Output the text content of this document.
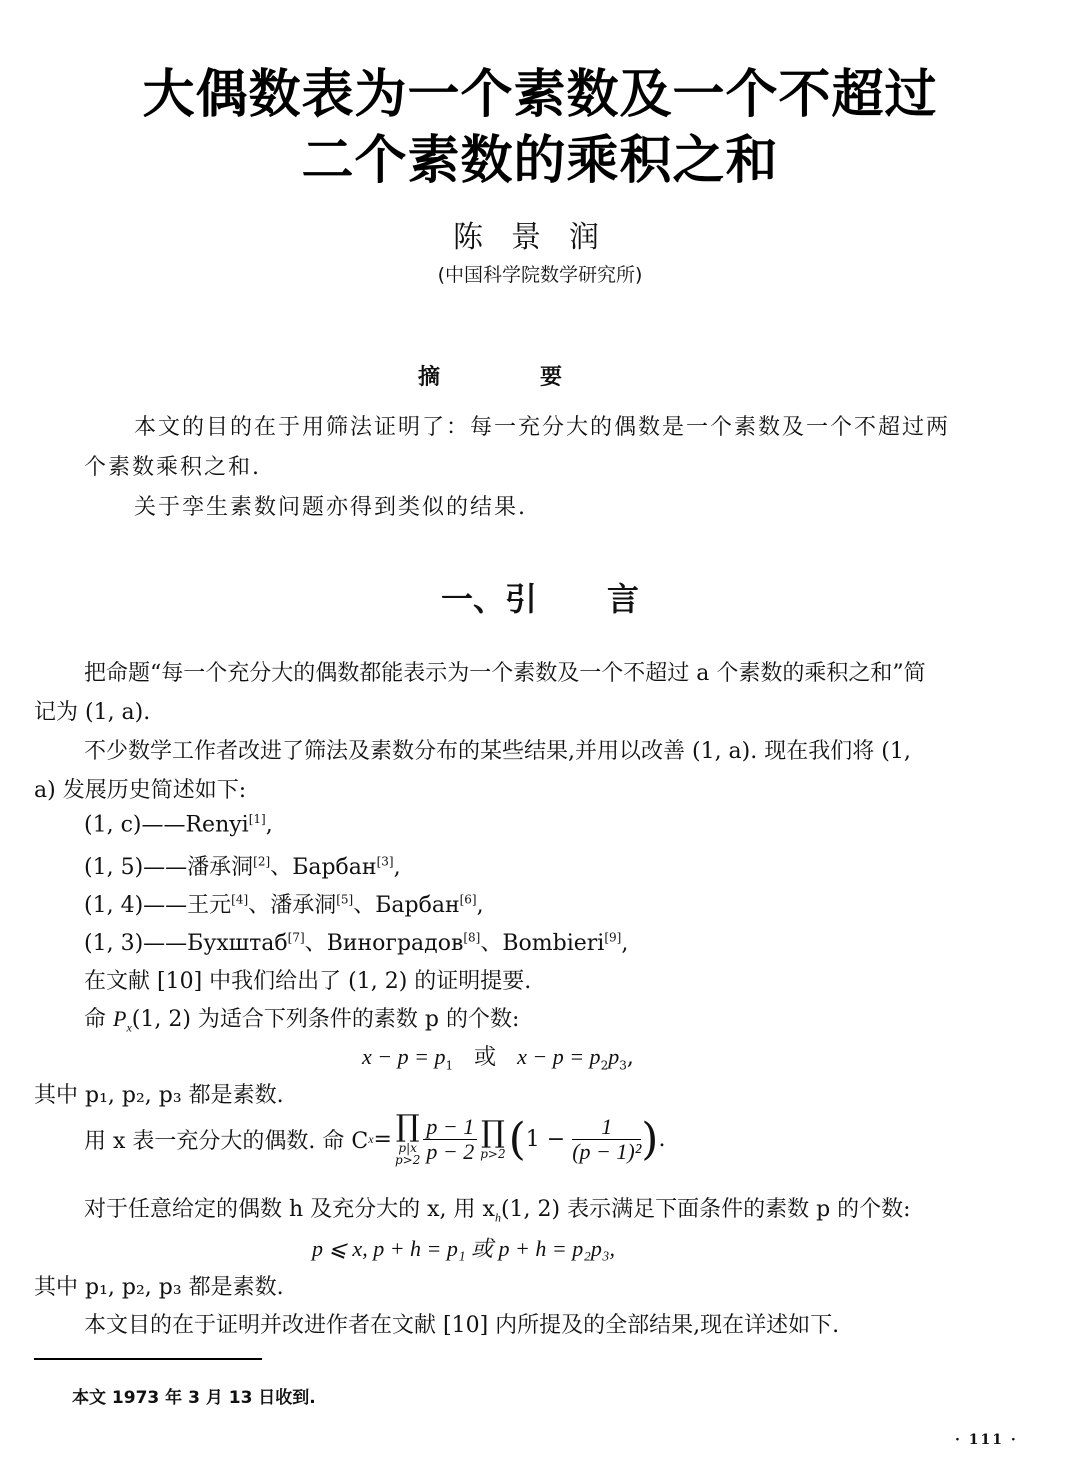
大偶数表为一个素数及一个不超过
二个素数的乘积之和
陈景润
(中国科学院数学研究所)
摘要
本文的目的在于用筛法证明了：每一充分大的偶数是一个素数及一个不超过两
个素数乘积之和.
关于孪生素数问题亦得到类似的结果.
一、引 言
把命题“每一个充分大的偶数都能表示为一个素数及一个不超过 a 个素数的乘积之和”简
记为 (1, a).
不少数学工作者改进了筛法及素数分布的某些结果,并用以改善 (1, a). 现在我们将 (1,
a) 发展历史简述如下:
(1, c)——Renyi[1],
(1, 5)——潘承洞[2]、Барбан[3],
(1, 4)——王元[4]、潘承洞[5]、Барбан[6],
(1, 3)——Бухштаб[7]、Виноградов[8]、Bombieri[9],
在文献 [10] 中我们给出了 (1, 2) 的证明提要.
命 $P_x(1$, 2) 为适合下列条件的素数 p 的个数:
$x - p = p_1$ 或 $x - p = p_2p_3$,
其中 p₁, p₂, p₃ 都是素数.
用 x 表一充分大的偶数. 命 C x = ∏
p|x
$p>2 \frac{p - 1}{p - 2}$ ∏
p>2 ( 1 −
$\frac{1}{\text{(p − 1)²}}$ ) .
对于任意给定的偶数 h 及充分大的 x, 用 $x_h(1$, 2) 表示满足下面条件的素数 p 的个数:
p ⩽ x, p + h = p₁ 或 p + h = p₂p₃,
其中 p₁, p₂, p₃ 都是素数.
本文目的在于证明并改进作者在文献 [10] 内所提及的全部结果,现在详述如下.
本文 1973 年 3 月 13 日收到.
· 111 ·
